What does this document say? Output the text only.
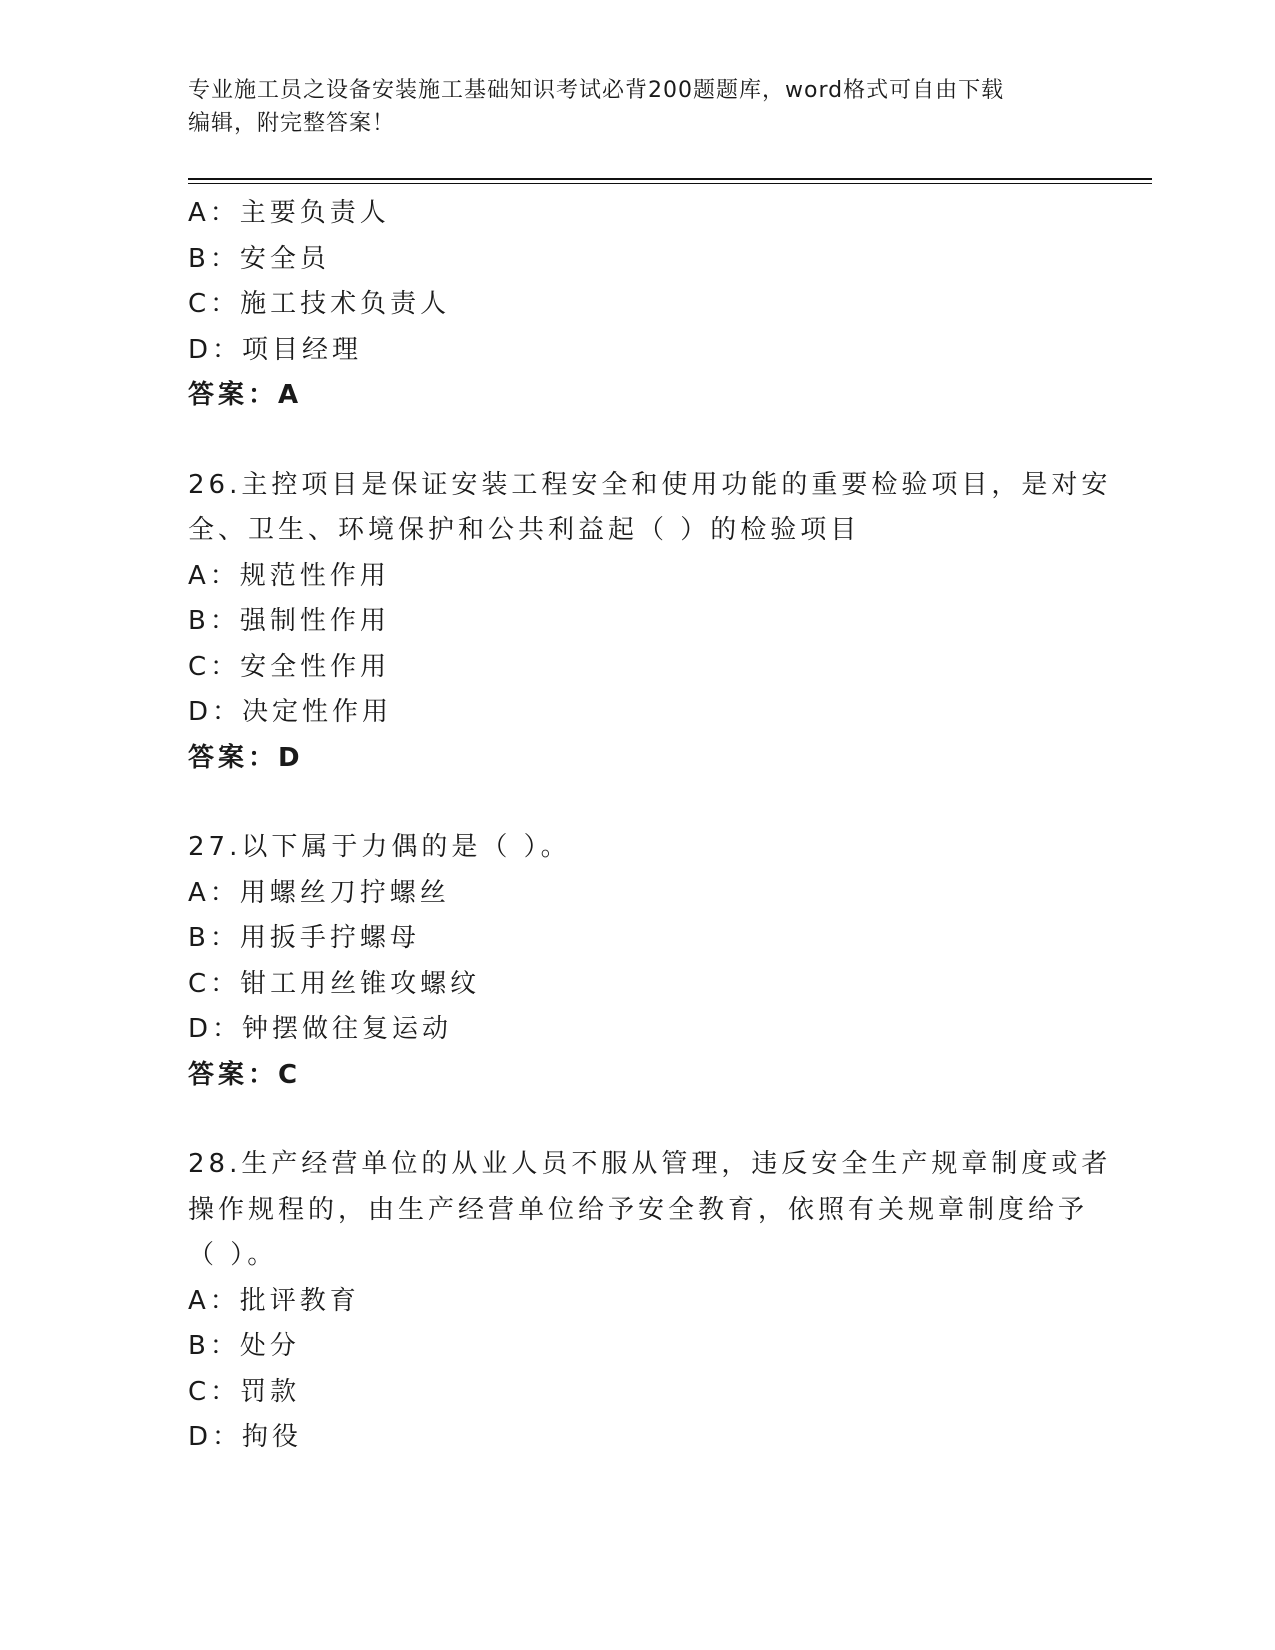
专业施工员之设备安装施工基础知识考试必背200题题库，word格式可自由下载
编辑，附完整答案！
A：主要负责人
B：安全员
C：施工技术负责人
D：项目经理
答案：A
26.主控项目是保证安装工程安全和使用功能的重要检验项目，是对安
全、卫生、环境保护和公共利益起（ ）的检验项目
A：规范性作用
B：强制性作用
C：安全性作用
D：决定性作用
答案：D
27.以下属于力偶的是（ ）。
A：用螺丝刀拧螺丝
B：用扳手拧螺母
C：钳工用丝锥攻螺纹
D：钟摆做往复运动
答案：C
28.生产经营单位的从业人员不服从管理，违反安全生产规章制度或者
操作规程的，由生产经营单位给予安全教育，依照有关规章制度给予
（ ）。
A：批评教育
B：处分
C：罚款
D：拘役
